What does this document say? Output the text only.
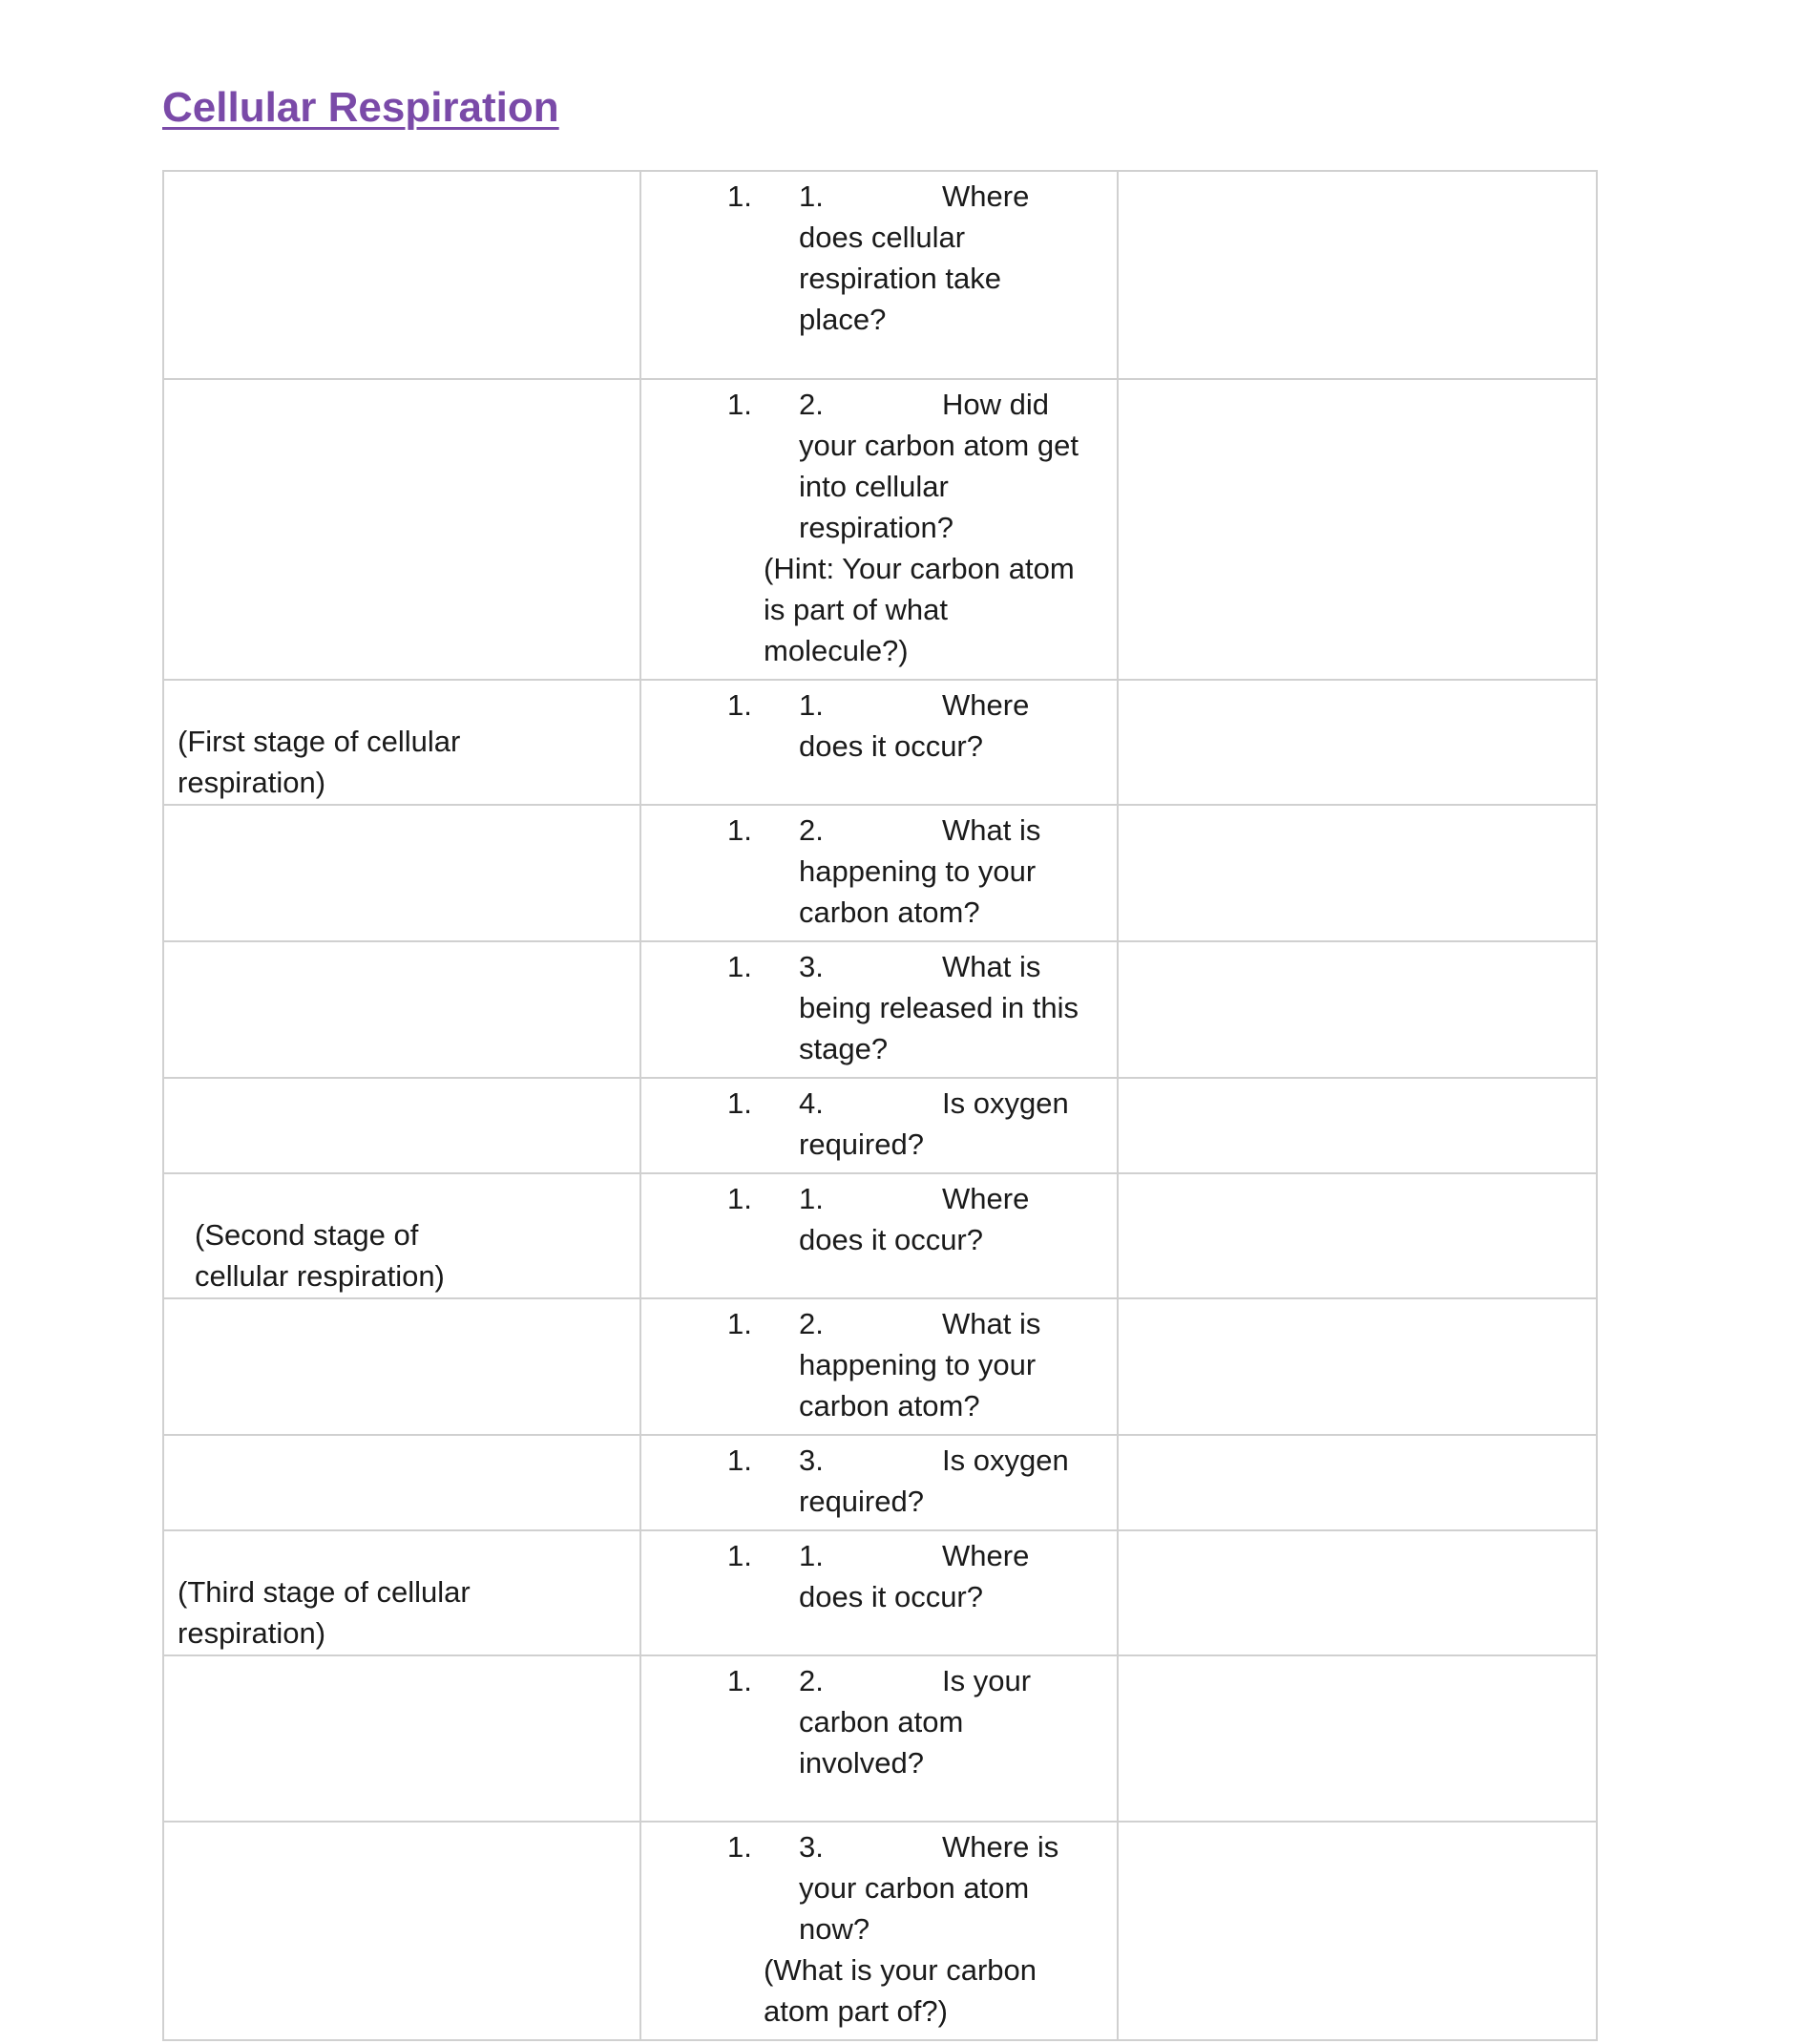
Cellular Respiration

	1. 1. Where
does cellular respiration take place?	

	1. 2. How did
your carbon atom get into cellular respiration?
(Hint: Your carbon atom is part of what molecule?)	

(First stage of cellular respiration)	1. 1. Where
does it occur?	

	1. 2. What is
happening to your carbon atom?	

	1. 3. What is
being released in this stage?	

	1. 4. Is oxygen
required?	

(Second stage of cellular respiration)	1. 1. Where
does it occur?	

	1. 2. What is
happening to your carbon atom?	

	1. 3. Is oxygen
required?	

(Third stage of cellular respiration)	1. 1. Where
does it occur?	

	1. 2. Is your
carbon atom involved?	

	1. 3. Where is
your carbon atom now?
(What is your carbon atom part of?)	
